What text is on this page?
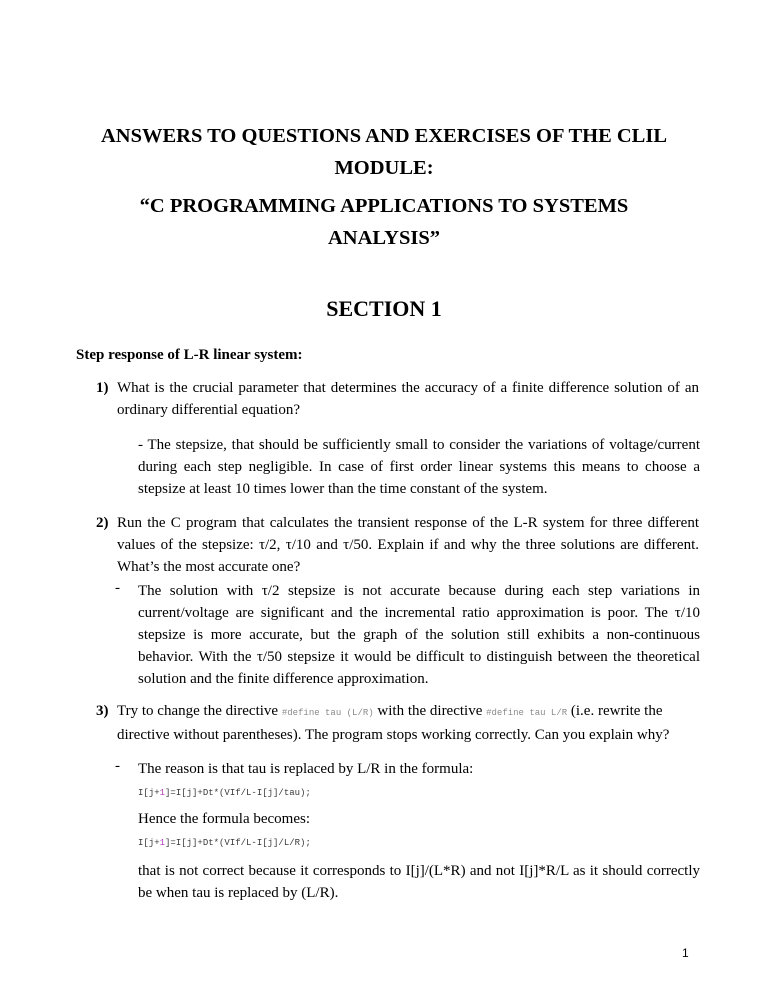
ANSWERS TO QUESTIONS AND EXERCISES OF THE CLIL

MODULE:

“C PROGRAMMING APPLICATIONS TO SYSTEMS

ANALYSIS”

SECTION 1

Step response of L-R linear system:

1) What is the crucial parameter that determines the accuracy of a finite difference solution of an ordinary differential equation?

- The stepsize, that should be sufficiently small to consider the variations of voltage/current during each step negligible. In case of first order linear systems this means to choose a stepsize at least 10 times lower than the time constant of the system.

2) Run the C program that calculates the transient response of the L-R system for three different values of the stepsize: τ/2, τ/10 and τ/50. Explain if and why the three solutions are different. What’s the most accurate one?

- The solution with τ/2 stepsize is not accurate because during each step variations in current/voltage are significant and the incremental ratio approximation is poor. The τ/10 stepsize is more accurate, but the graph of the solution still exhibits a non-continuous behavior. With the τ/50 stepsize it would be difficult to distinguish between the theoretical solution and the finite difference approximation.

3) Try to change the directive #define tau (L/R) with the directive #define tau L/R (i.e. rewrite the directive without parentheses). The program stops working correctly. Can you explain why?

- The reason is that tau is replaced by L/R in the formula:

I[j+1]=I[j]+Dt*(VIf/L-I[j]/tau);

Hence the formula becomes:

I[j+1]=I[j]+Dt*(VIf/L-I[j]/L/R);

that is not correct because it corresponds to I[j]/(L*R) and not I[j]*R/L as it should correctly be when tau is replaced by (L/R).

1
